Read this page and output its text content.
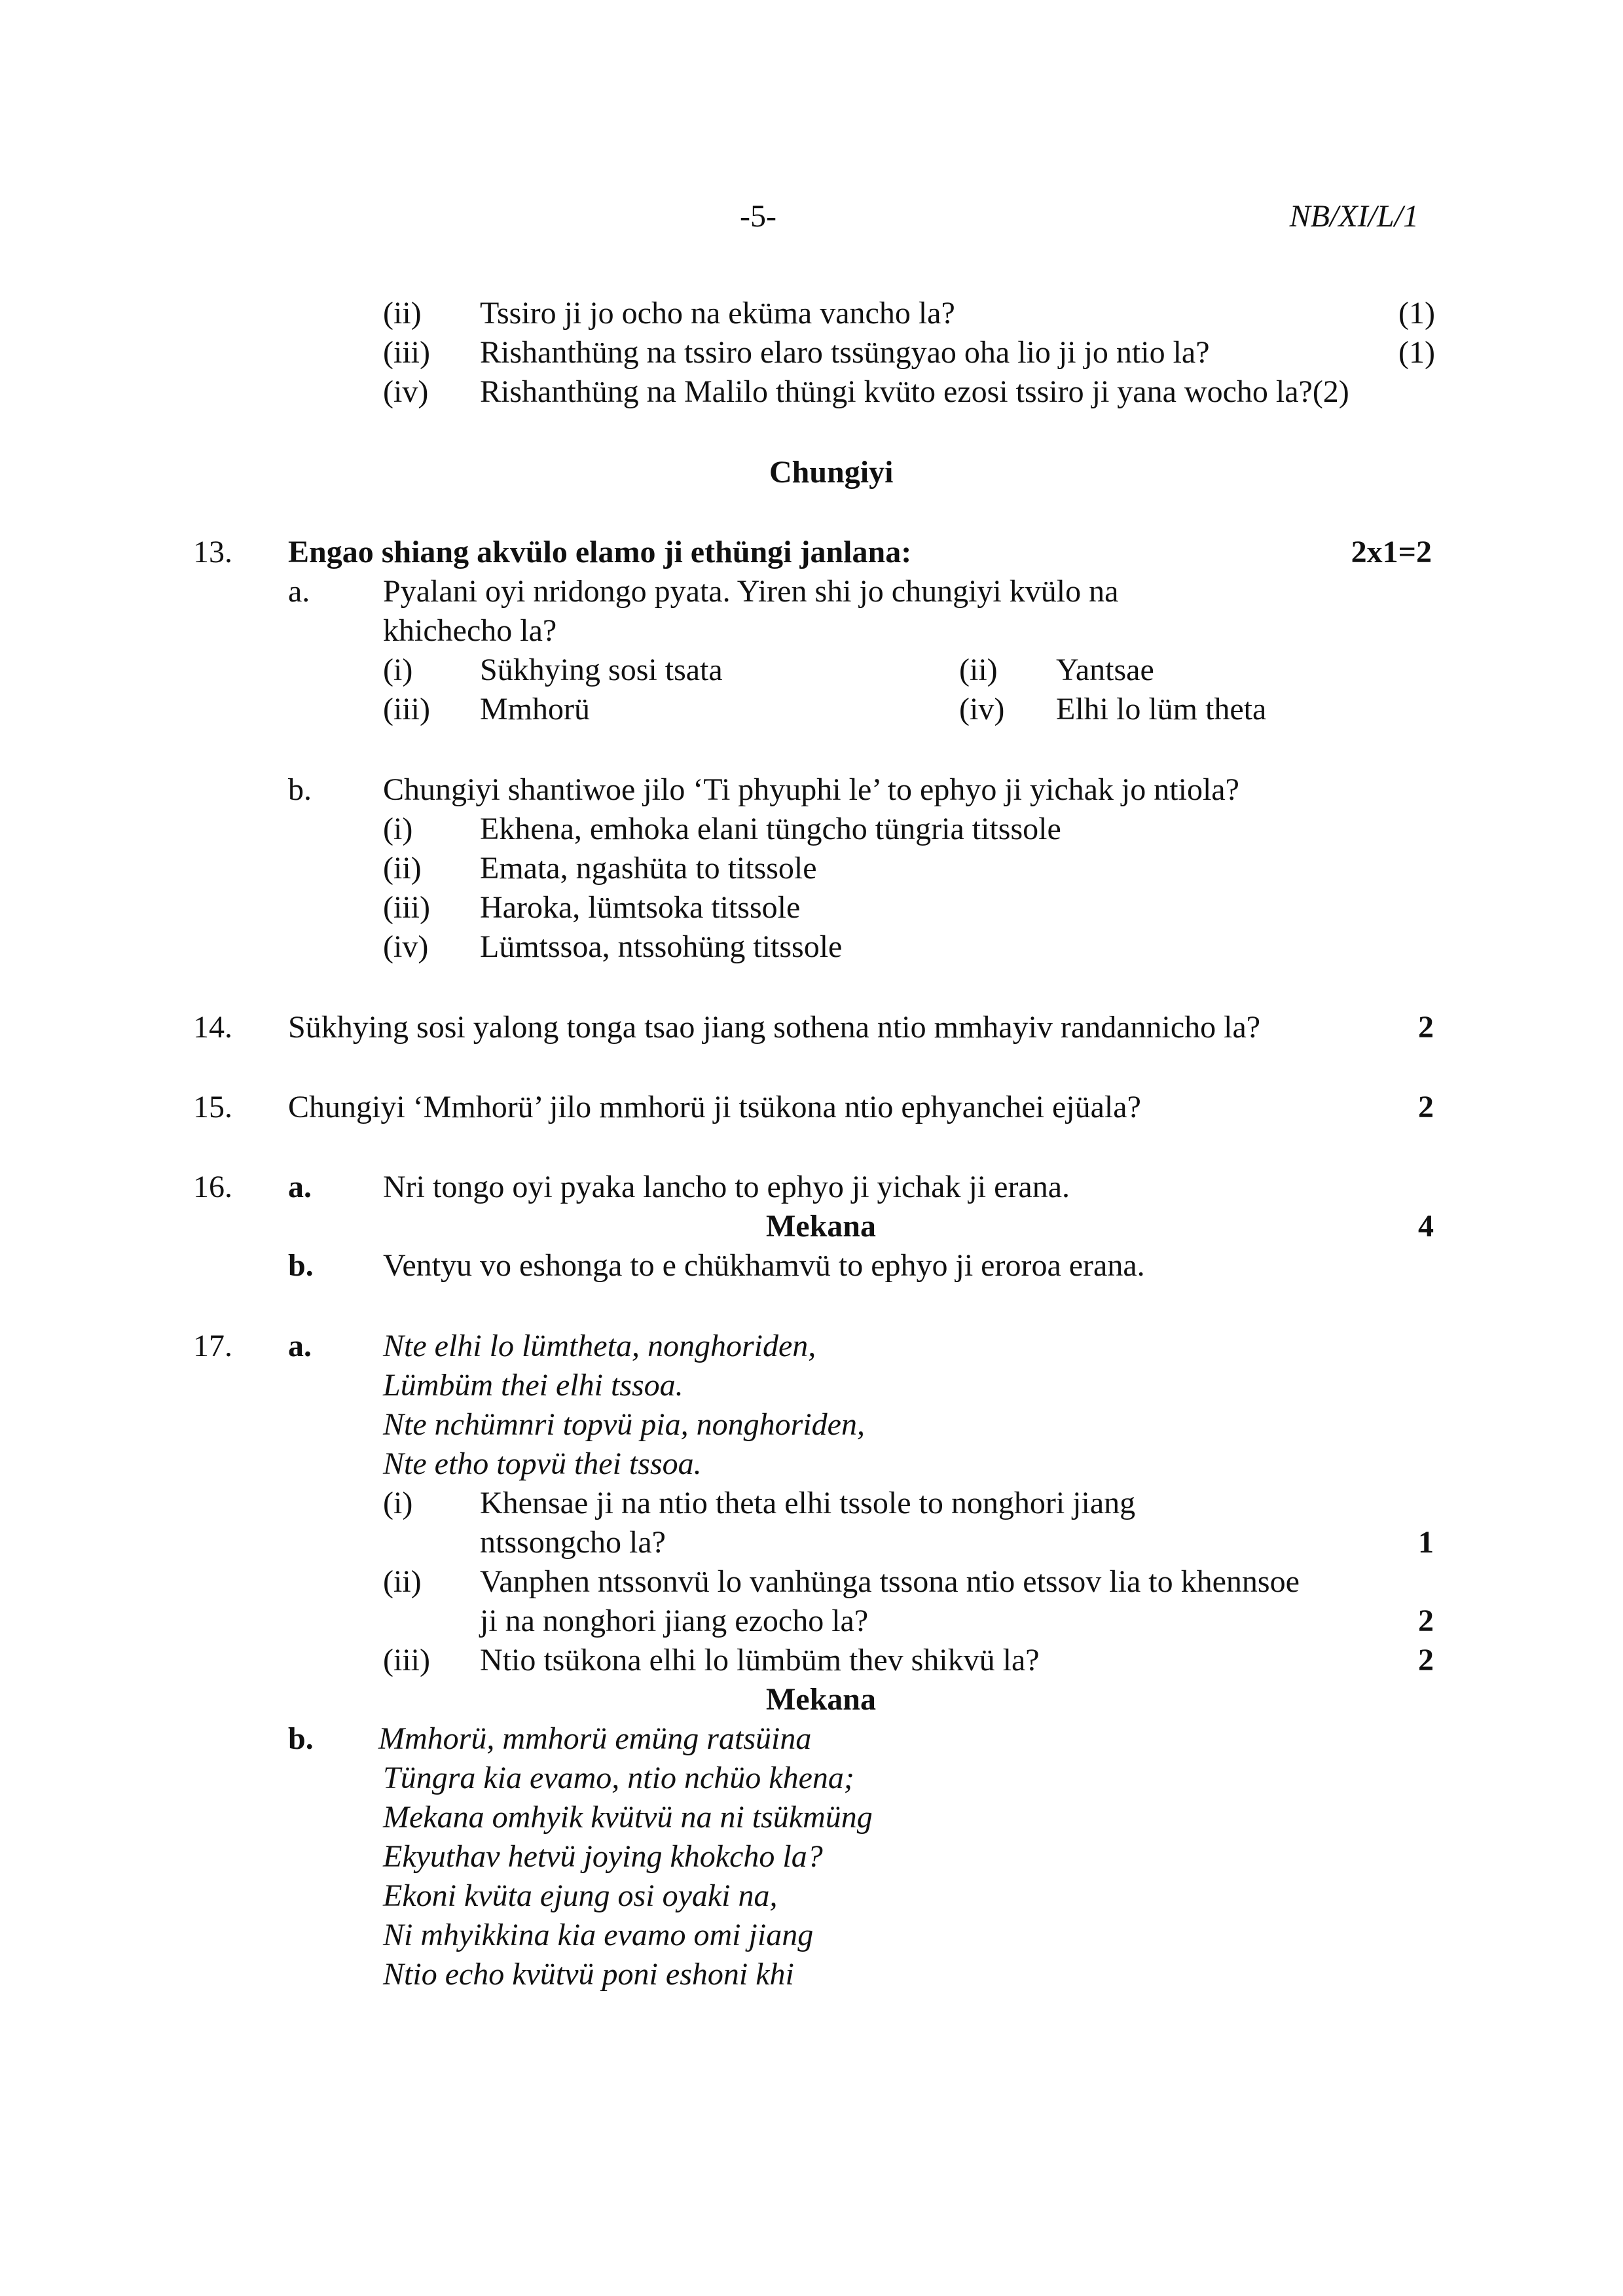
-5-	NB/XI/L/1
(ii) Tssiro ji jo ocho na eküma vancho la?	(1)
(iii) Rishanthüng na tssiro elaro tssüngyao oha lio ji jo ntio la?	(1)
(iv) Rishanthüng na Malilo thüngi kvüto ezosi tssiro ji yana wocho la?(2)
Chungiyi
13. Engao shiang akvülo elamo ji ethüngi janlana:	2x1=2
a. Pyalani oyi nridongo pyata. Yiren shi jo chungiyi kvülo na
khichecho la?
(i) Sükhying sosi tsata	(ii) Yantsae
(iii) Mmhorü	(iv) Elhi lo lüm theta
b. Chungiyi shantiwoe jilo ‘Ti phyuphi le’ to ephyo ji yichak jo ntiola?
(i) Ekhena, emhoka elani tüngcho tüngria titssole
(ii) Emata, ngashüta to titssole
(iii) Haroka, lümtsoka titssole
(iv) Lümtssoa, ntssohüng titssole
14. Sükhying sosi yalong tonga tsao jiang sothena ntio mmhayiv randannicho la?	2
15. Chungiyi ‘Mmhorü’ jilo mmhorü ji tsükona ntio ephyanchei ejüala?	2
16. a. Nri tongo oyi pyaka lancho to ephyo ji yichak ji erana.
Mekana	4
b. Ventyu vo eshonga to e chükhamvü to ephyo ji eroroa erana.
17. a. Nte elhi lo lümtheta, nonghoriden,
Lümbüm thei elhi tssoa.
Nte nchümnri topvü pia, nonghoriden,
Nte etho topvü thei tssoa.
(i) Khensae ji na ntio theta elhi tssole to nonghori jiang
ntssongcho la?	1
(ii) Vanphen ntssonvü lo vanhünga tssona ntio etssov lia to khennsoe
ji na nonghori jiang ezocho la?	2
(iii) Ntio tsükona elhi lo lümbüm thev shikvü la?	2
Mekana
b. Mmhorü, mmhorü emüng ratsüina
Tüngra kia evamo, ntio nchüo khena;
Mekana omhyik kvütvü na ni tsükmüng
Ekyuthav hetvü joying khokcho la?
Ekoni kvüta ejung osi oyaki na,
Ni mhyikkina kia evamo omi jiang
Ntio echo kvütvü poni eshoni khi
